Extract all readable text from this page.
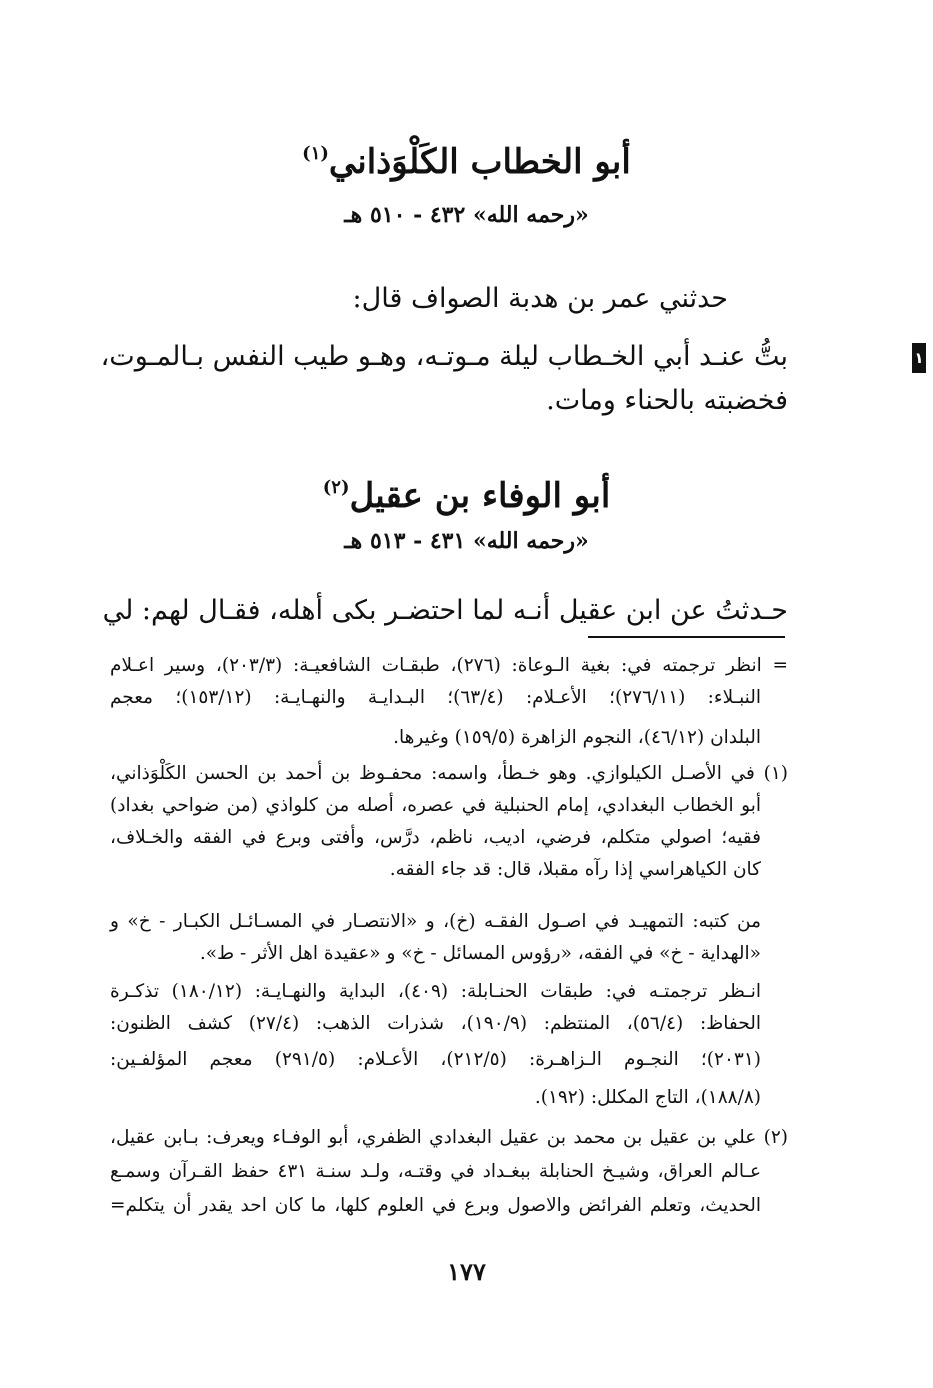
١
أبو الخطاب الكَلْوَذاني$^{(١)}$
«رحمه الله» ٤٣٢ - ٥١٠ هـ
حدثني عمر بن هدبة الصواف قال:
بتُّ عنـد أبي الخـطاب ليلة مـوتـه، وهـو طيب النفس بـالمـوت،
فخضبته بالحناء ومات.
أبو الوفاء بن عقيل$^{(٢)}$
«رحمه الله» ٤٣١ - ٥١٣ هـ
حـدثتُ عن ابن عقيل أنـه لما احتضـر بكى أهله، فقـال لهم: لي
= انظر ترجمته في: بغية الـوعاة: (٢٧٦)، طبقـات الشافعيـة: (٢٠٣/٣)، وسير اعـلام
النبـلاء: (٢٧٦/١١)؛ الأعـلام: (٦٣/٤)؛ البـدايـة والنهـايـة: (١٥٣/١٢)؛ معجم
البلدان (٤٦/١٢)، النجوم الزاهرة (١٥٩/٥) وغيرها.
(١) في الأصـل الكيلوازي. وهو خـطأ، واسمه: محفـوظ بن أحمد بن الحسن الكَلْوَذاني،
أبو الخطاب البغدادي، إمام الحنبلية في عصره، أصله من كلواذي (من ضواحي بغداد)
فقيه؛ اصولي متكلم، فرضي، اديب، ناظم، درَّس، وأفتى وبرع في الفقه والخـلاف،
كان الكياهراسي إذا رآه مقبلا، قال: قد جاء الفقه.
من كتبه: التمهيـد في اصـول الفقـه (خ)، و «الانتصـار في المسـائـل الكبـار - خ» و
«الهداية - خ» في الفقه، «رؤوس المسائل - خ» و «عقيدة اهل الأثر - ط».
انـظر ترجمتـه في: طبقات الحنـابلة: (٤٠٩)، البداية والنهـايـة: (١٨٠/١٢) تذكـرة
الحفاظ: (٥٦/٤)، المنتظم: (١٩٠/٩)، شذرات الذهب: (٢٧/٤) كشف الظنون:
(٢٠٣١)؛ النجـوم الـزاهـرة: (٢١٢/٥)، الأعـلام: (٢٩١/٥) معجم المؤلفـين:
(١٨٨/٨)، التاج المكلل: (١٩٢).
(٢) علي بن عقيل بن محمد بن عقيل البغدادي الظفري، أبو الوفـاء ويعرف: بـابن عقيل،
عـالم العراق، وشيـخ الحنابلة ببغـداد في وقتـه، ولـد سنـة ٤٣١ حفظ القـرآن وسمـع
الحديث، وتعلم الفرائض والاصول وبرع في العلوم كلها، ما كان احد يقدر أن يتكلم=
١٧٧
